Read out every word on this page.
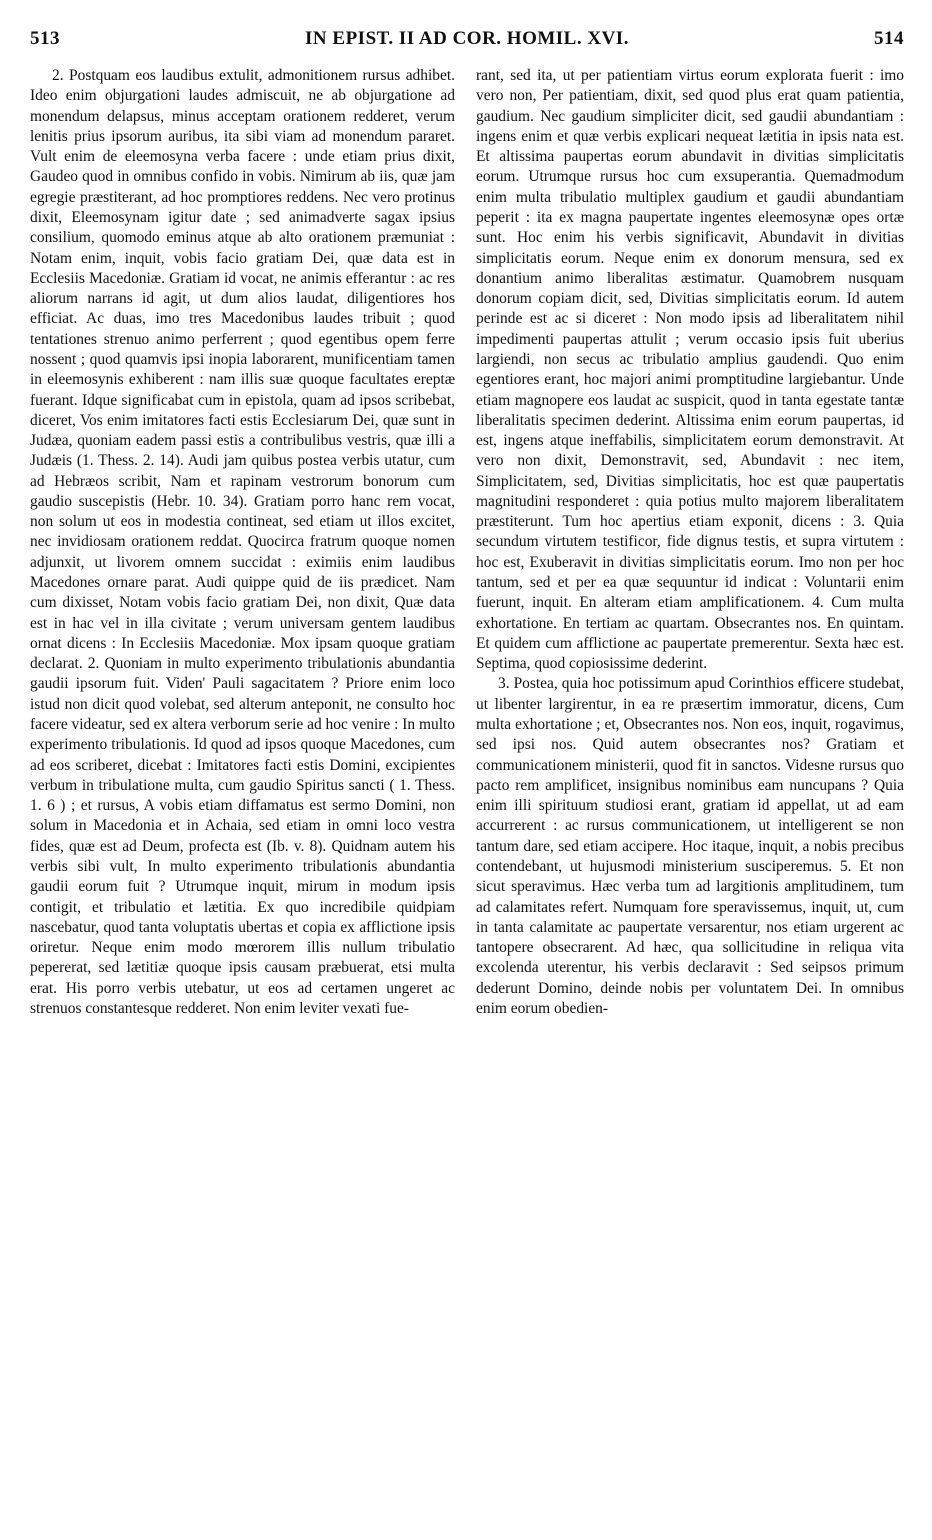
513	IN EPIST. II AD COR. HOMIL. XVI.	514

2. Postquam eos laudibus extulit, admonitionem rursus adhibet. Ideo enim objurgationi laudes admiscuit, ne ab objurgatione ad monendum delapsus, minus acceptam orationem redderet, verum lenitis prius ipsorum auribus, ita sibi viam ad monendum pararet. Vult enim de eleemosyna verba facere : unde etiam prius dixit, Gaudeo quod in omnibus confido in vobis. Nimirum ab iis, quæ jam egregie præstiterant, ad hoc promptiores reddens. Nec vero protinus dixit, Eleemosynam igitur date ; sed animadverte sagax ipsius consilium, quomodo eminus atque ab alto orationem præmuniat : Notam enim, inquit, vobis facio gratiam Dei, quæ data est in Ecclesiis Macedoniæ. Gratiam id vocat, ne animis efferantur : ac res aliorum narrans id agit, ut dum alios laudat, diligentiores hos efficiat. Ac duas, imo tres Macedonibus laudes tribuit ; quod tentationes strenuo animo perferrent ; quod egentibus opem ferre nossent ; quod quamvis ipsi inopia laborarent, munificentiam tamen in eleemosynis exhiberent : nam illis suæ quoque facultates ereptæ fuerant. Idque significabat cum in epistola, quam ad ipsos scribebat, diceret, Vos enim imitatores facti estis Ecclesiarum Dei, quæ sunt in Judæa, quoniam eadem passi estis a contribulibus vestris, quæ illi a Judæis (1. Thess. 2. 14). Audi jam quibus postea verbis utatur, cum ad Hebræos scribit, Nam et rapinam vestrorum bonorum cum gaudio suscepistis (Hebr. 10. 34). Gratiam porro hanc rem vocat, non solum ut eos in modestia contineat, sed etiam ut illos excitet, nec invidiosam orationem reddat. Quocirca fratrum quoque nomen adjunxit, ut livorem omnem succidat : eximiis enim laudibus Macedones ornare parat. Audi quippe quid de iis prædicet. Nam cum dixisset, Notam vobis facio gratiam Dei, non dixit, Quæ data est in hac vel in illa civitate ; verum universam gentem laudibus ornat dicens : In Ecclesiis Macedoniæ. Mox ipsam quoque gratiam declarat. 2. Quoniam in multo experimento tribulationis abundantia gaudii ipsorum fuit. Viden' Pauli sagacitatem ? Priore enim loco istud non dicit quod volebat, sed alterum anteponit, ne consulto hoc facere videatur, sed ex altera verborum serie ad hoc venire : In multo experimento tribulationis. Id quod ad ipsos quoque Macedones, cum ad eos scriberet, dicebat : Imitatores facti estis Domini, excipientes verbum in tribulatione multa, cum gaudio Spiritus sancti ( 1. Thess. 1. 6 ) ; et rursus, A vobis etiam diffamatus est sermo Domini, non solum in Macedonia et in Achaia, sed etiam in omni loco vestra fides, quæ est ad Deum, profecta est (Ib. v. 8). Quidnam autem his verbis sibi vult, In multo experimento tribulationis abundantia gaudii eorum fuit ? Utrumque inquit, mirum in modum ipsis contigit, et tribulatio et lætitia. Ex quo incredibile quidpiam nascebatur, quod tanta voluptatis ubertas et copia ex afflictione ipsis oriretur. Neque enim modo mœrorem illis nullum tribulatio pepererat, sed lætitiæ quoque ipsis causam præbuerat, etsi multa erat. His porro verbis utebatur, ut eos ad certamen ungeret ac strenuos constantesque redderet. Non enim leviter vexati fue-

rant, sed ita, ut per patientiam virtus eorum explorata fuerit : imo vero non, Per patientiam, dixit, sed quod plus erat quam patientia, gaudium. Nec gaudium simpliciter dicit, sed gaudii abundantiam : ingens enim et quæ verbis explicari nequeat lætitia in ipsis nata est. Et altissima paupertas eorum abundavit in divitias simplicitatis eorum. Utrumque rursus hoc cum exsuperantia. Quemadmodum enim multa tribulatio multiplex gaudium et gaudii abundantiam peperit : ita ex magna paupertate ingentes eleemosynæ opes ortæ sunt. Hoc enim his verbis significavit, Abundavit in divitias simplicitatis eorum. Neque enim ex donorum mensura, sed ex donantium animo liberalitas æstimatur. Quamobrem nusquam donorum copiam dicit, sed, Divitias simplicitatis eorum. Id autem perinde est ac si diceret : Non modo ipsis ad liberalitatem nihil impedimenti paupertas attulit ; verum occasio ipsis fuit uberius largiendi, non secus ac tribulatio amplius gaudendi. Quo enim egentiores erant, hoc majori animi promptitudine largiebantur. Unde etiam magnopere eos laudat ac suspicit, quod in tanta egestate tantæ liberalitatis specimen dederint. Altissima enim eorum paupertas, id est, ingens atque ineffabilis, simplicitatem eorum demonstravit. At vero non dixit, Demonstravit, sed, Abundavit : nec item, Simplicitatem, sed, Divitias simplicitatis, hoc est quæ paupertatis magnitudini responderet : quia potius multo majorem liberalitatem præstiterunt. Tum hoc apertius etiam exponit, dicens : 3. Quia secundum virtutem testificor, fide dignus testis, et supra virtutem : hoc est, Exuberavit in divitias simplicitatis eorum. Imo non per hoc tantum, sed et per ea quæ sequuntur id indicat : Voluntarii enim fuerunt, inquit. En alteram etiam amplificationem. 4. Cum multa exhortatione. En tertiam ac quartam. Obsecrantes nos. En quintam. Et quidem cum afflictione ac paupertate premerentur. Sexta hæc est. Septima, quod copiosissime dederint.

3. Postea, quia hoc potissimum apud Corinthios efficere studebat, ut libenter largirentur, in ea re præsertim immoratur, dicens, Cum multa exhortatione ; et, Obsecrantes nos. Non eos, inquit, rogavimus, sed ipsi nos. Quid autem obsecrantes nos? Gratiam et communicationem ministerii, quod fit in sanctos. Videsne rursus quo pacto rem amplificet, insignibus nominibus eam nuncupans ? Quia enim illi spirituum studiosi erant, gratiam id appellat, ut ad eam accurrerent : ac rursus communicationem, ut intelligerent se non tantum dare, sed etiam accipere. Hoc itaque, inquit, a nobis precibus contendebant, ut hujusmodi ministerium susciperemus. 5. Et non sicut speravimus. Hæc verba tum ad largitionis amplitudinem, tum ad calamitates refert. Numquam fore speravissemus, inquit, ut, cum in tanta calamitate ac paupertate versarentur, nos etiam urgerent ac tantopere obsecrarent. Ad hæc, qua sollicitudine in reliqua vita excolenda uterentur, his verbis declaravit : Sed seipsos primum dederunt Domino, deinde nobis per voluntatem Dei. In omnibus enim eorum obedien-
